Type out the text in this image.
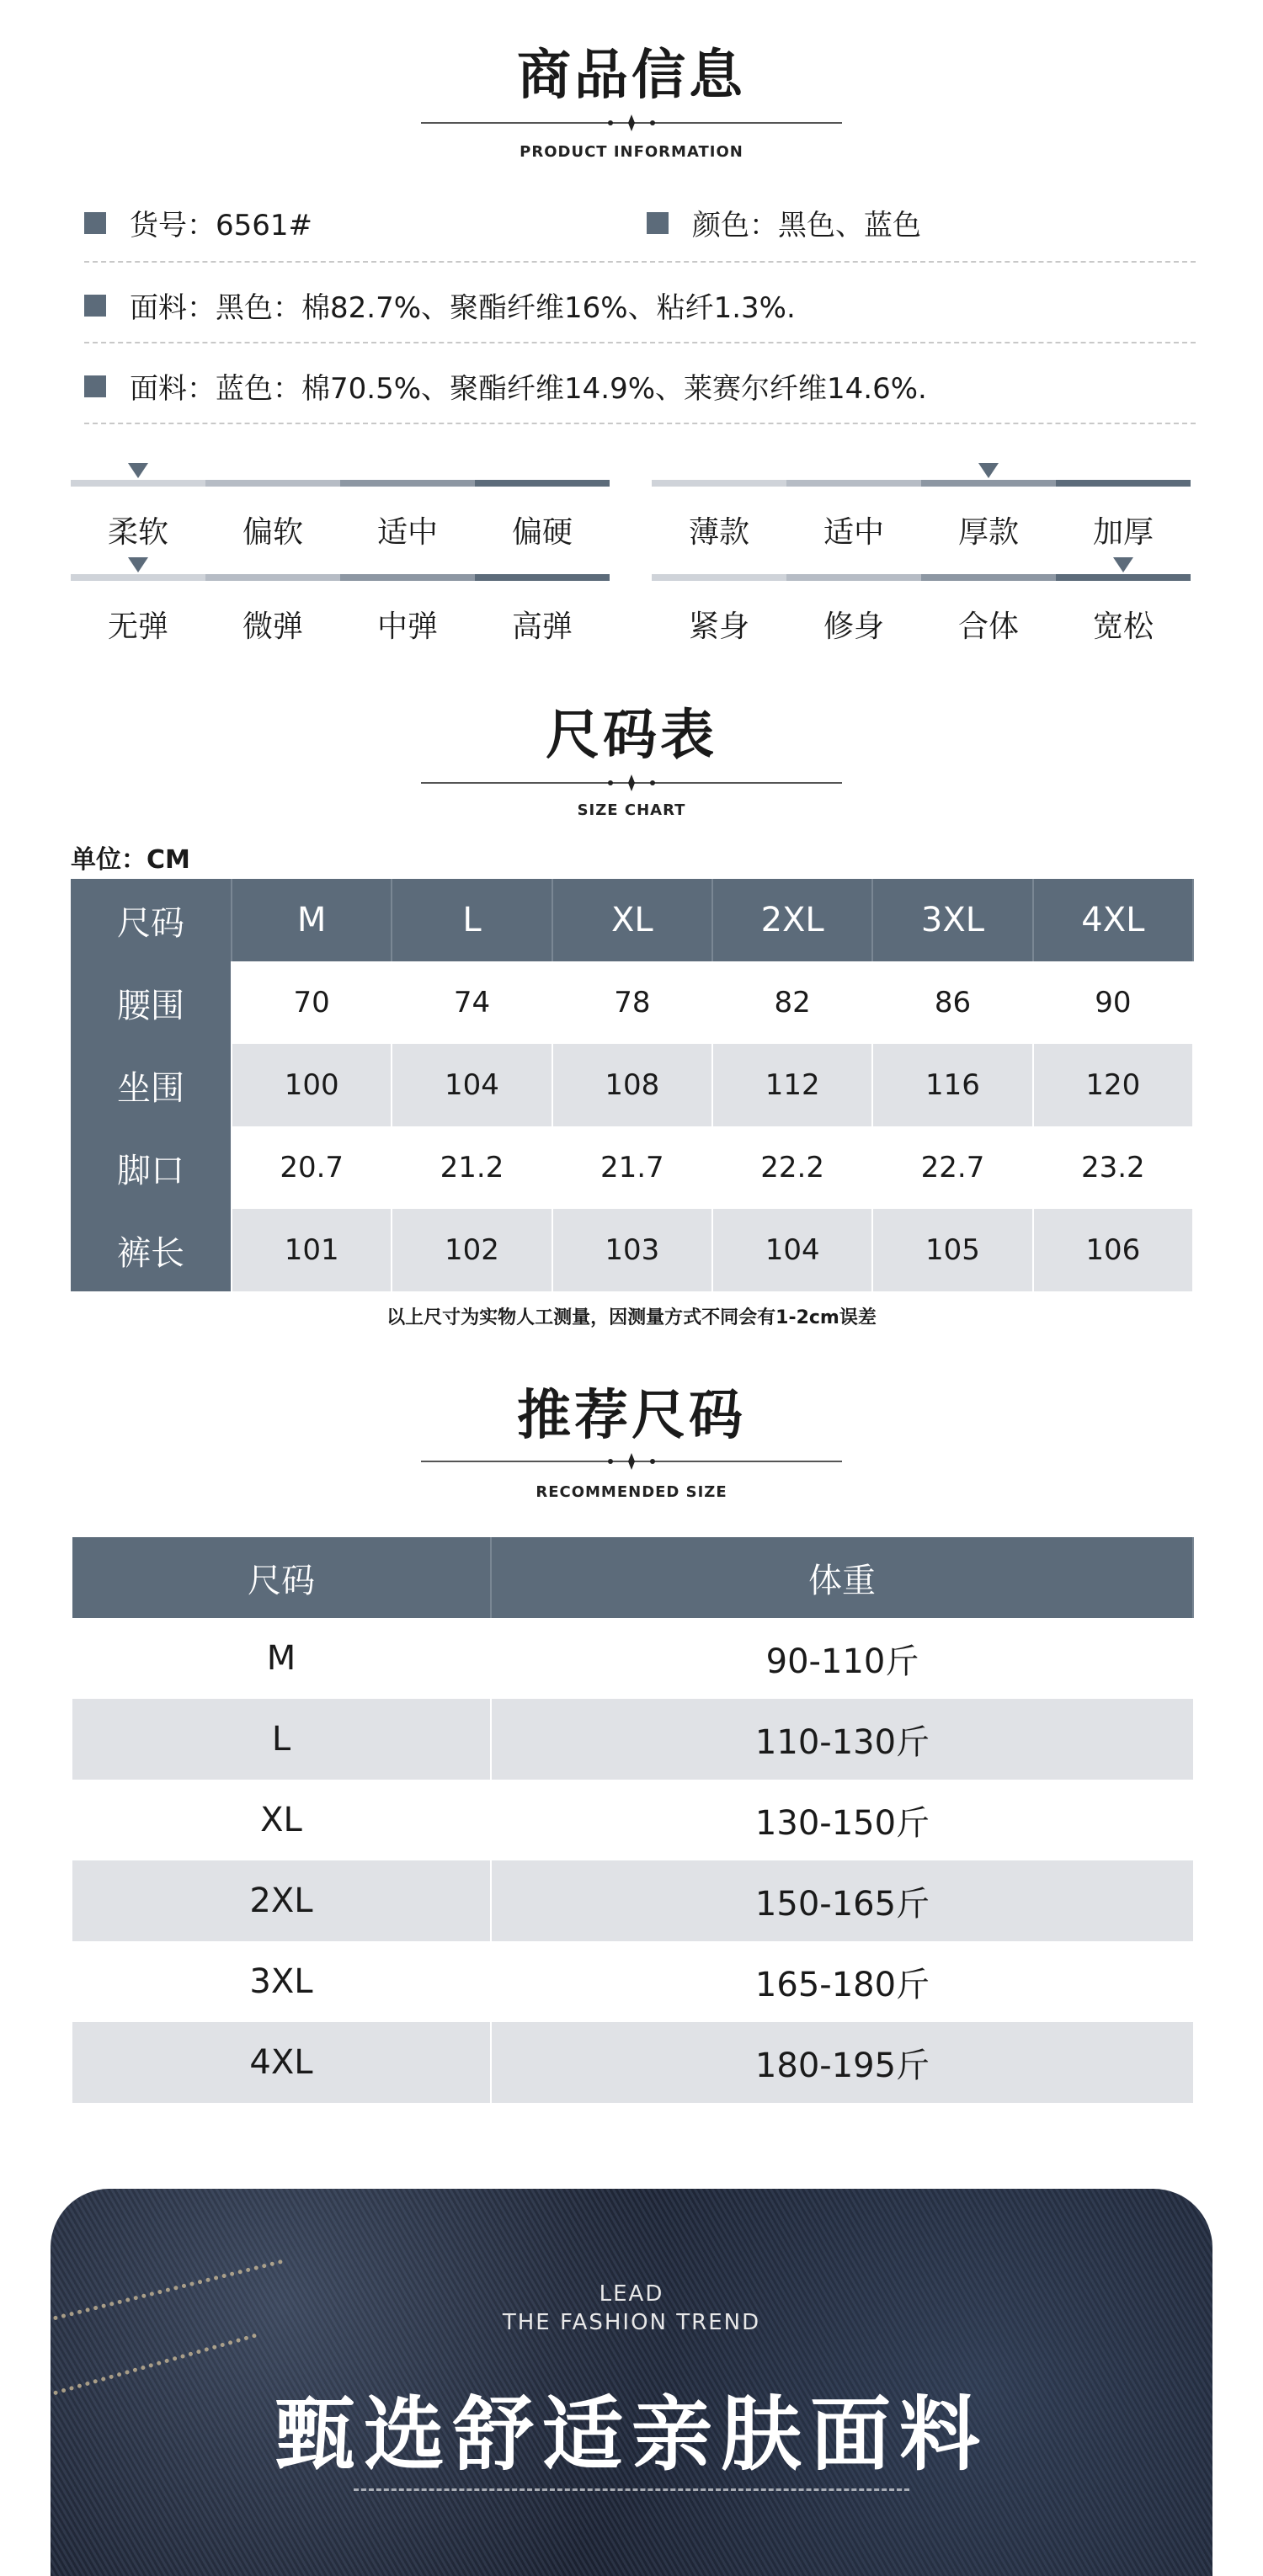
商品信息
PRODUCT INFORMATION
货号：6561#	颜色：黑色、蓝色
面料：黑色：棉82.7%、聚酯纤维16%、粘纤1.3%.
面料：蓝色：棉70.5%、聚酯纤维14.9%、莱赛尔纤维14.6%.
柔软	偏软	适中	偏硬	薄款	适中	厚款	加厚
无弹	微弹	中弹	高弹	紧身	修身	合体	宽松
尺码表
SIZE CHART
单位：CM
尺码	M	L	XL	2XL	3XL	4XL
腰围	70	74	78	82	86	90
坐围	100	104	108	112	116	120
脚口	20.7	21.2	21.7	22.2	22.7	23.2
裤长	101	102	103	104	105	106
以上尺寸为实物人工测量，因测量方式不同会有1-2cm误差
推荐尺码
RECOMMENDED SIZE
尺码	体重
M	90-110斤
L	110-130斤
XL	130-150斤
2XL	150-165斤
3XL	165-180斤
4XL	180-195斤
LEAD
THE FASHION TREND
甄选舒适亲肤面料
